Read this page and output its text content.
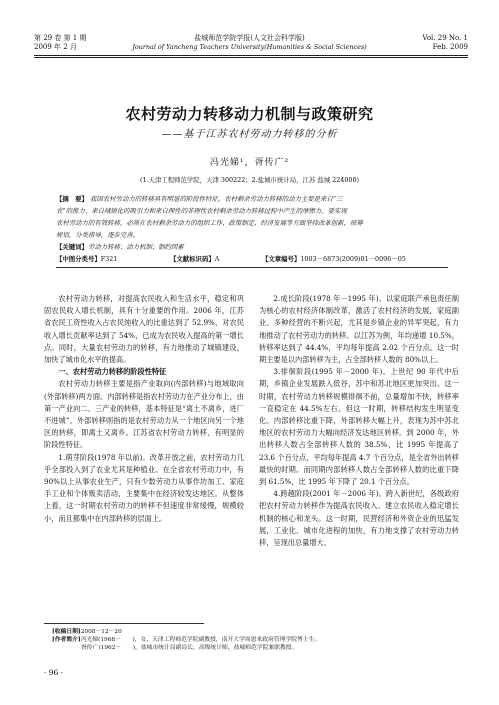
第 29 卷 第 1 期
2009 年 2 月
盐城师范学院学报(人文社会科学版)
Journal of Yancheng Teachers University(Humanities & Social Sciences)
Vol. 29 No. 1
Feb. 2009
农村劳动力转移动力机制与政策研究
——基于江苏农村劳动力转移的分析
冯光娣¹，胥传广²
(1.天津工程师范学院，天津 300222；2.盐城市统计局，江苏 盐城 224000)
【摘　要】 我国农村劳动力的转移具有明显的阶段性特征。农村剩余劳动力转移的动力主要是来自“三
农”的推力、来自城镇化的吸引力和来自理性的非理性农村剩余劳动力转移过程中产生的摩擦力。要实现
农村劳动力的有效转移，必须在农村剩余劳动力的组织工作、政策制定、经济发展等方面坚持改革创新，统筹
规划，分类指导，逐步完善。
【关键词】劳动力转移；动力机制；制约因素
【中图分类号】F321	【文献标识码】A	【文章编号】1003－6873(2009)01－0096－05

农村劳动力转移，对提高农民收入和生活水平，稳定和巩固农民收入增长机制，具有十分重要的作用。2006 年，江苏省农民工资性收入占农民纯收入的比重达到了 52.9%，对农民收入增长贡献率达到了 54%，已成为农民收入提高的第一增长点。同时，大量农村劳动力的转移，有力地推动了城镇建设，加快了城市化水平的提高。

一、农村劳动力转移的阶段性特征

农村劳动力转移主要是指产业取向(内部转移)与地域取向(外部转移)两方面。内部转移是指农村劳动力在产业分布上，由第一产业向二、三产业的转移，基本特征是“离土不离乡，进厂不进城”。外部转移则指的是农村劳动力从一个地区向另一个地区的转移，即离土又离乡。江苏省农村劳动力转移，有明显的阶段性特征。

1.萌芽阶段(1978 年以前)。改革开放之前，农村劳动力几乎全部投入到了农业尤其是种植业。在全省农村劳动力中，有 90%以上从事农业生产，只有少数劳动力从事作坊加工、家庭手工业和个体贩卖活动，主要集中在经济较发达地区。从整体上看，这一时期农村劳动力的转移不但速度非常缓慢，规模较小，而且都集中在内部转移的层面上。

2.成长阶段(1978 年－1995 年)。以家庭联产承包责任制为核心的农村经济体制改革，激活了农村经济的发展，家庭副业、多种经营的不断兴起，尤其是乡镇企业的异军突起，有力地推动了农村劳动力的转移。以江苏为例，年均递增 10.5%，转移率达到了 44.4%，平均每年提高 2.02 个百分点。这一时期主要是以内部转移为主，占全部转移人数的 80%以上。

3.徘徊阶段(1995 年－2000 年)。上世纪 90 年代中后期，乡镇企业发展跌入低谷，苏中和苏北地区更加突出。这一时期，农村劳动力转移规模徘徊不前，总量增加不快，转移率一直稳定在 44.5%左右。但这一时期，转移结构发生明显变化。内部转移比重下降，外部转移大幅上升，表现为苏中苏北地区的农村劳动力大幅向经济发达地区转移。到 2000 年，外出转移人数占全部转移人数的 38.5%，比 1995 年提高了 23.6 个百分点，平均每年提高 4.7 个百分点，是全省外出转移最快的时期。而同期内部转移人数占全部转移人数的比重下降到 61.5%，比 1995 年下降了 20.1 个百分点。

4.跨越阶段(2001 年－2006 年)。跨入新世纪，各级政府把农村劳动力转移作为提高农民收入、建立农民收入稳定增长机制的核心和龙头。这一时期，民营经济和外资企业的迅猛发展，工业化、城市化进程的加快，有力地支撑了农村劳动力转移，呈现出总量增大、

[收稿日期]2008－12－20
[作者简介]冯光娣(1968－　　)，女，天津工程师范学院副教授，南开大学周恩来政府管理学院博士生。
胥传广(1962－　　)，盐城市统计局副局长，高级统计师，盐城师范学院兼职教授。
· 96 ·
